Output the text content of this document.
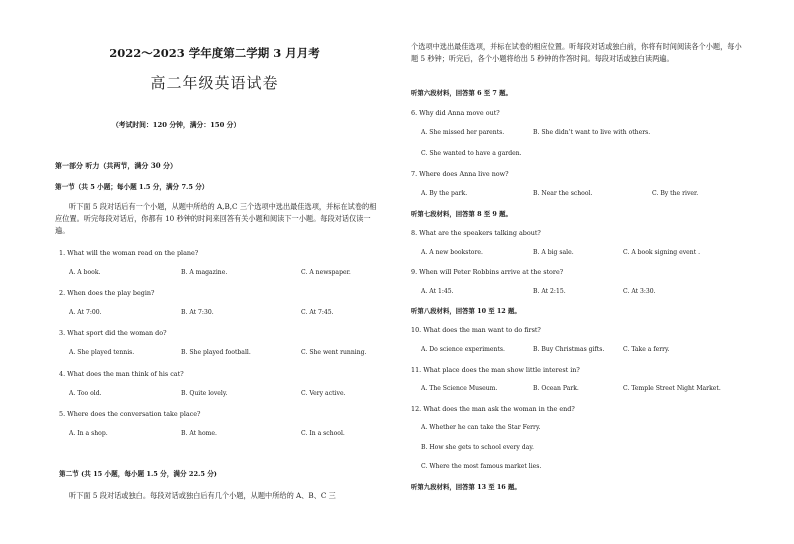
2022～2023 学年度第二学期 3 月月考
高二年级英语试卷
（考试时间：120 分钟，满分：150 分）
第一部分 听力（共两节，满分 30 分）
第一节（共 5 小题；每小题 1.5 分，满分 7.5 分）
听下面 5 段对话后有一个小题，从题中所给的 A,B,C 三个选项中选出最佳选项，并标在试卷的相应位置。听完每段对话后，你都有 10 秒钟的时间来回答有关小题和阅读下一小题。每段对话仅读一遍。
1. What will the woman read on the plane?
A. A book.	B. A magazine.	C. A newspaper.
2. When does the play begin?
A. At 7:00.	B. At 7:30.	C. At 7:45.
3. What sport did the woman do?
A. She played tennis.	B. She played football.	C. She went running.
4. What does the man think of his cat?
A. Too old.	B. Quite lovely.	C. Very active.
5. Where does the conversation take place?
A. In a shop.	B. At home.	C. In a school.
第二节 (共 15 小题，每小题 1.5 分，满分 22.5 分)
听下面 5 段对话或独白。每段对话或独白后有几个小题，从题中所给的 A、B、C 三
个选项中选出最佳选项，并标在试卷的相应位置。听每段对话或独白前，你将有时间阅读各个小题，每小题 5 秒钟；听完后，各个小题将给出 5 秒钟的作答时间。每段对话或独白读两遍。
听第六段材料，回答第 6 至 7 题。
6. Why did Anna move out?
A. She missed her parents.	B. She didn’t want to live with others.
C. She wanted to have a garden.
7. Where does Anna live now?
A. By the park.	B. Near the school.	C. By the river.
听第七段材料，回答第 8 至 9 题。
8. What are the speakers talking about?
A. A new bookstore.	B. A big sale.	C. A book signing event .
9. When will Peter Robbins arrive at the store?
A. At 1:45.	B. At 2:15.	C. At 3:30.
听第八段材料，回答第 10 至 12 题。
10. What does the man want to do first?
A. Do science experiments.	B. Buy Christmas gifts.	C. Take a ferry.
11. What place does the man show little interest in?
A. The Science Museum.	B. Ocean Park.	C. Temple Street Night Market.
12. What does the man ask the woman in the end?
A. Whether he can take the Star Ferry.
B. How she gets to school every day.
C. Where the most famous market lies.
听第九段材料，回答第 13 至 16 题。
